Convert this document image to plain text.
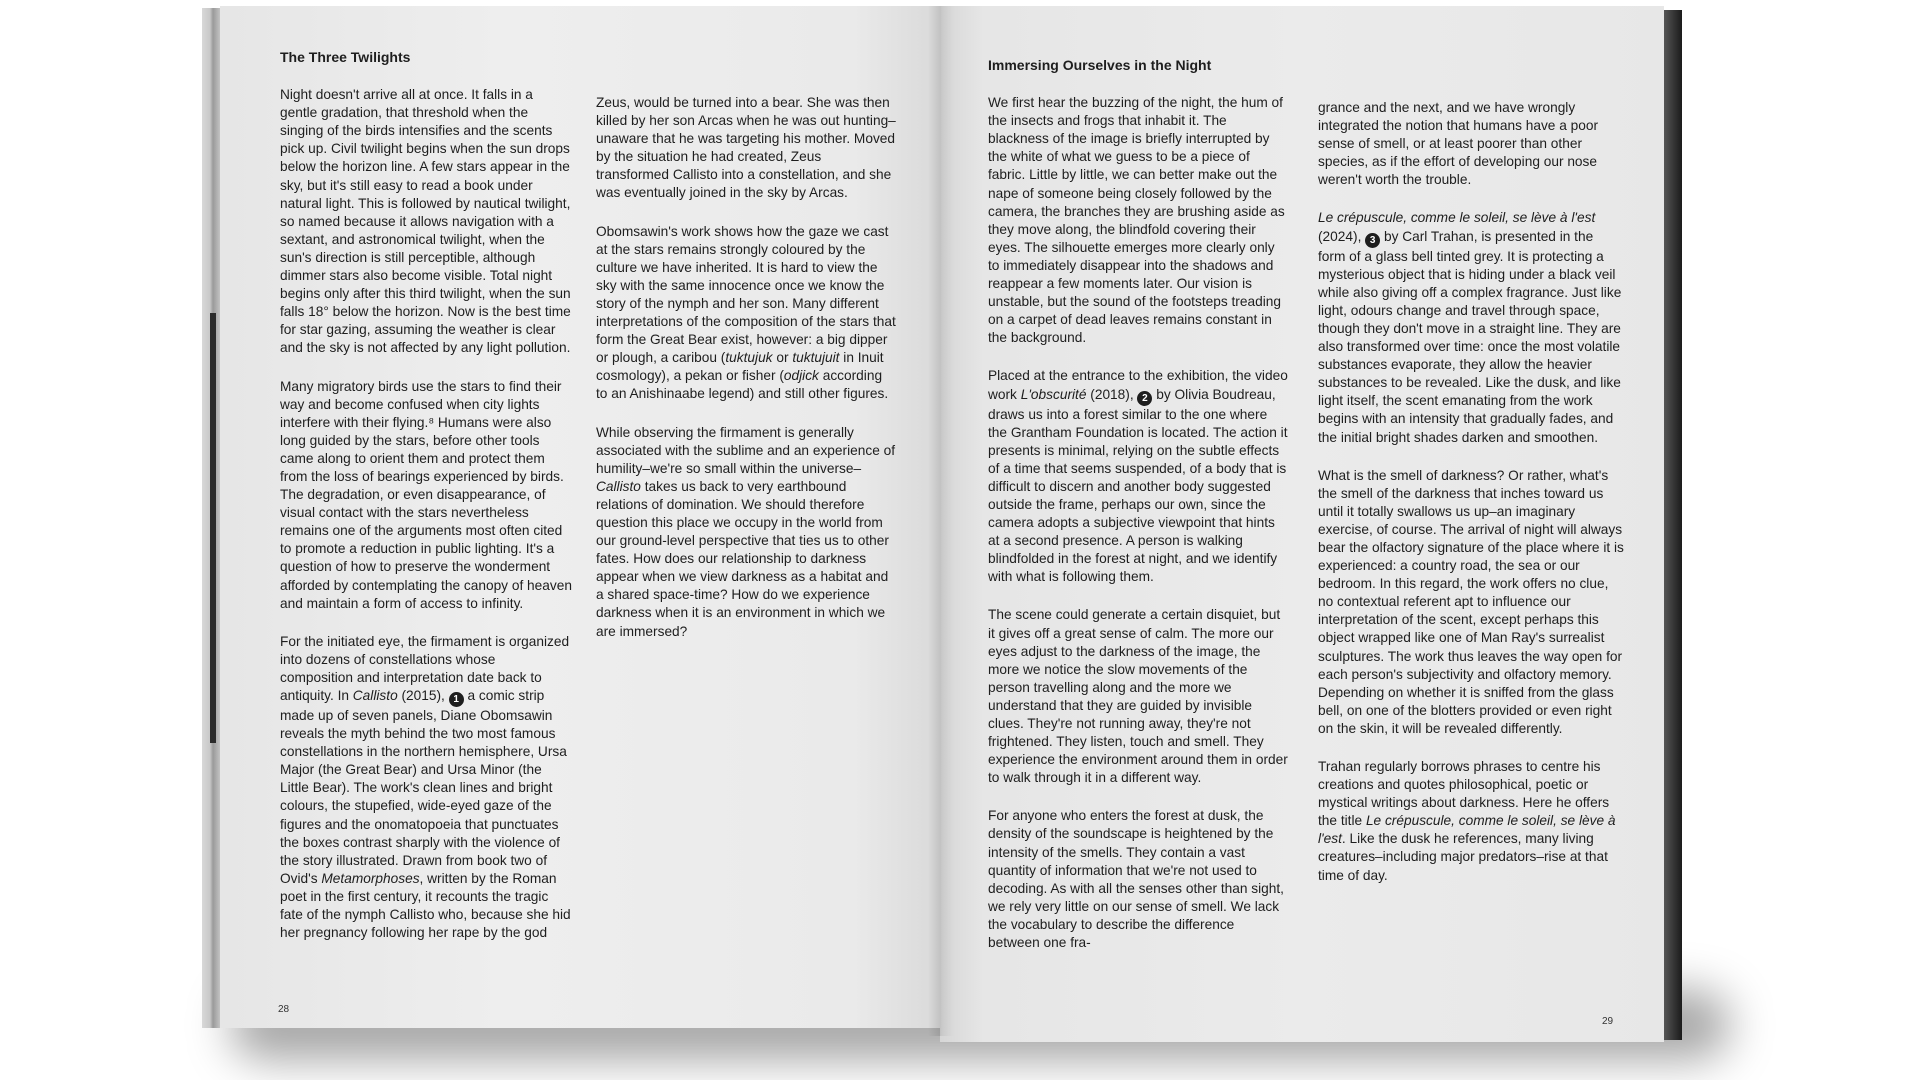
The Three Twilights

Night doesn't arrive all at once. It falls in a gentle gradation, that threshold when the singing of the birds intensifies and the scents pick up. Civil twilight begins when the sun drops below the horizon line. A few stars appear in the sky, but it's still easy to read a book under natural light. This is followed by nautical twilight, so named because it allows navigation with a sextant, and astronomical twilight, when the sun's direction is still perceptible, although dimmer stars also become visible. Total night begins only after this third twilight, when the sun falls 18° below the horizon. Now is the best time for star gazing, assuming the weather is clear and the sky is not affected by any light pollution.

Many migratory birds use the stars to find their way and become confused when city lights interfere with their flying.⁸ Humans were also long guided by the stars, before other tools came along to orient them and protect them from the loss of bearings experienced by birds. The degradation, or even disappearance, of visual contact with the stars nevertheless remains one of the arguments most often cited to promote a reduction in public lighting. It's a question of how to preserve the wonderment afforded by contemplating the canopy of heaven and maintain a form of access to infinity.

For the initiated eye, the firmament is organized into dozens of constellations whose composition and interpretation date back to antiquity. In Callisto (2015), 1 a comic strip made up of seven panels, Diane Obomsawin reveals the myth behind the two most famous constellations in the northern hemisphere, Ursa Major (the Great Bear) and Ursa Minor (the Little Bear). The work's clean lines and bright colours, the stupefied, wide-eyed gaze of the figures and the onomatopoeia that punctuates the boxes contrast sharply with the violence of the story illustrated. Drawn from book two of Ovid's Metamorphoses, written by the Roman poet in the first century, it recounts the tragic fate of the nymph Callisto who, because she hid her pregnancy following her rape by the god

Zeus, would be turned into a bear. She was then killed by her son Arcas when he was out hunting–unaware that he was targeting his mother. Moved by the situation he had created, Zeus transformed Callisto into a constellation, and she was eventually joined in the sky by Arcas.

Obomsawin's work shows how the gaze we cast at the stars remains strongly coloured by the culture we have inherited. It is hard to view the sky with the same innocence once we know the story of the nymph and her son. Many different interpretations of the composition of the stars that form the Great Bear exist, however: a big dipper or plough, a caribou (tuktujuk or tuktujuit in Inuit cosmology), a pekan or fisher (odjick according to an Anishinaabe legend) and still other figures.

While observing the firmament is generally associated with the sublime and an experience of humility–we're so small within the universe–Callisto takes us back to very earthbound relations of domination. We should therefore question this place we occupy in the world from our ground-level perspective that ties us to other fates. How does our relationship to darkness appear when we view darkness as a habitat and a shared space-time? How do we experience darkness when it is an environment in which we are immersed?

28

Immersing Ourselves in the Night

We first hear the buzzing of the night, the hum of the insects and frogs that inhabit it. The blackness of the image is briefly interrupted by the white of what we guess to be a piece of fabric. Little by little, we can better make out the nape of someone being closely followed by the camera, the branches they are brushing aside as they move along, the blindfold covering their eyes. The silhouette emerges more clearly only to immediately disappear into the shadows and reappear a few moments later. Our vision is unstable, but the sound of the footsteps treading on a carpet of dead leaves remains constant in the background.

Placed at the entrance to the exhibition, the video work L'obscurité (2018), 2 by Olivia Boudreau, draws us into a forest similar to the one where the Grantham Foundation is located. The action it presents is minimal, relying on the subtle effects of a time that seems suspended, of a body that is difficult to discern and another body suggested outside the frame, perhaps our own, since the camera adopts a subjective viewpoint that hints at a second presence. A person is walking blindfolded in the forest at night, and we identify with what is following them.

The scene could generate a certain disquiet, but it gives off a great sense of calm. The more our eyes adjust to the darkness of the image, the more we notice the slow movements of the person travelling along and the more we understand that they are guided by invisible clues. They're not running away, they're not frightened. They listen, touch and smell. They experience the environment around them in order to walk through it in a different way.

For anyone who enters the forest at dusk, the density of the soundscape is heightened by the intensity of the smells. They contain a vast quantity of information that we're not used to decoding. As with all the senses other than sight, we rely very little on our sense of smell. We lack the vocabulary to describe the difference between one fra-

grance and the next, and we have wrongly integrated the notion that humans have a poor sense of smell, or at least poorer than other species, as if the effort of developing our nose weren't worth the trouble.

Le crépuscule, comme le soleil, se lève à l'est (2024), 3 by Carl Trahan, is presented in the form of a glass bell tinted grey. It is protecting a mysterious object that is hiding under a black veil while also giving off a complex fragrance. Just like light, odours change and travel through space, though they don't move in a straight line. They are also transformed over time: once the most volatile substances evaporate, they allow the heavier substances to be revealed. Like the dusk, and like light itself, the scent emanating from the work begins with an intensity that gradually fades, and the initial bright shades darken and smoothen.

What is the smell of darkness? Or rather, what's the smell of the darkness that inches toward us until it totally swallows us up–an imaginary exercise, of course. The arrival of night will always bear the olfactory signature of the place where it is experienced: a country road, the sea or our bedroom. In this regard, the work offers no clue, no contextual referent apt to influence our interpretation of the scent, except perhaps this object wrapped like one of Man Ray's surrealist sculptures. The work thus leaves the way open for each person's subjectivity and olfactory memory. Depending on whether it is sniffed from the glass bell, on one of the blotters provided or even right on the skin, it will be revealed differently.

Trahan regularly borrows phrases to centre his creations and quotes philosophical, poetic or mystical writings about darkness. Here he offers the title Le crépuscule, comme le soleil, se lève à l'est. Like the dusk he references, many living creatures–including major predators–rise at that time of day.

29
